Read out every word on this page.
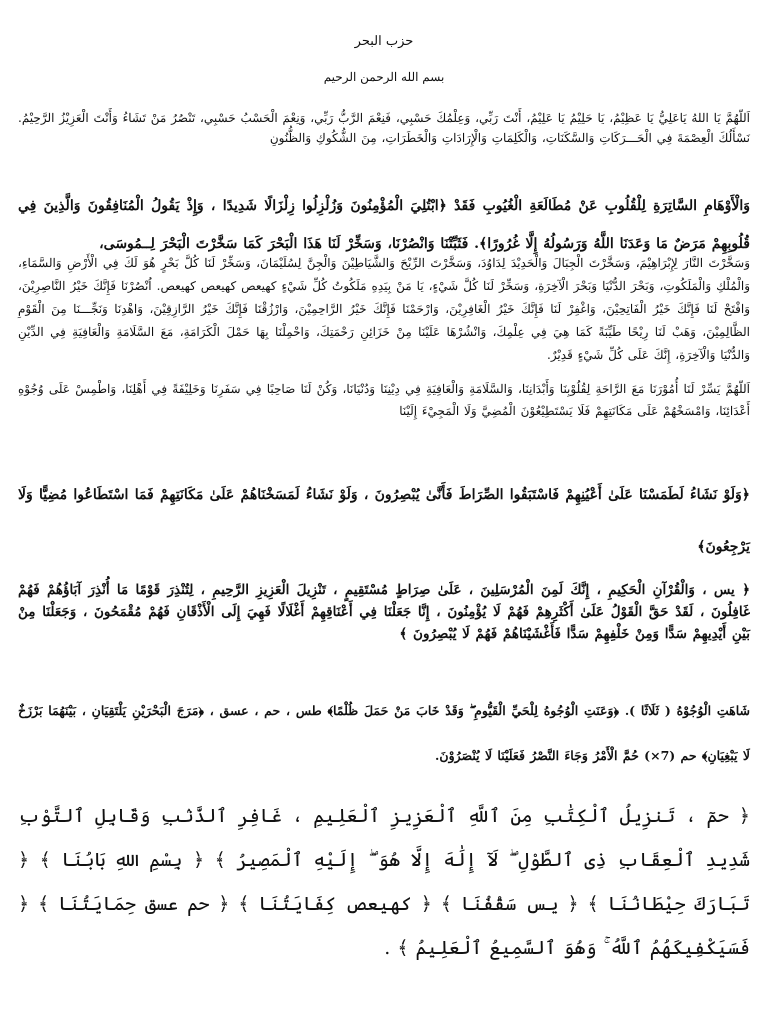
حزب البحر
بسم الله الرحمن الرحيم

اَللّهُمَّ يَا اللهُ يَاعَلِيُّ يَا عَظِيْمُ، يَا حَلِيْمُ يَا عَلِيْمُ، أَنْتَ رَبِّي، وَعِلْمُكَ حَسْبِي، فَنِعْمَ الرَّبُّ رَبِّي، وَنِعْمَ الْحَسْبُ حَسْبِي، تَنْصُرُ مَنْ تَشَاءُ وَأَنْتَ الْعَزِيْزُ الرَّحِيْمُ. نَسْأَلُكَ الْعِصْمَةَ فِي الْحَـــرَكَاتِ وَالسَّكَنَاتِ، وَالْكَلِمَاتِ وَالْإِرَادَاتِ وَالْخَطَرَاتِ، مِنَ الشُّكُوكِ وَالظُّنُونِ

وَالْأَوْهَامِ السَّاتِرَةِ لِلْقُلُوبِ عَنْ مُطَالَعَةِ الْغُيُوبِ فَقَدْ ﴿ابْتُلِيَ الْمُؤْمِنُونَ وَزُلْزِلُوا زِلْزَالًا شَدِيدًا ، وَإِذْ يَقُولُ الْمُنَافِقُونَ وَالَّذِينَ فِي قُلُوبِهِمْ مَرَضٌ مَا وَعَدَنَا اللَّهُ وَرَسُولُهُ إِلَّا غُرُورًا﴾. فَثَبِّتْنَا وَانْصُرْنَا، وَسَخِّرْ لَنَا هَذَا الْبَحْرَ كَمَا سَخَّرْتَ الْبَحْرَ لِــمُوسَى،

وَسَخَّرْتَ النَّارَ لِإِبْرَاهِيْمَ، وَسَخَّرْتَ الْجِبَالَ وَالْحَدِيْدَ لِدَاوُدَ، وَسَخَّرْتَ الرِّيْحَ وَالشَّيَاطِيْنَ وَالْجِنَّ لِسُلَيْمَانَ، وَسَخِّرْ لَنَا كُلَّ بَحْرٍ هُوَ لَكَ فِي الْأَرْضِ وَالسَّمَاءِ، وَالْمُلْكِ وَالْمَلَكُوتِ، وَبَحْرَ الدُّنْيَا وَبَحْرَ الْآخِرَةِ، وَسَخِّرْ لَنَا كُلَّ شَيْءٍ، يَا مَنْ بِيَدِهِ مَلَكُوتُ كُلِّ شَيْءٍ كهيعص كهيعص كهيعص. اُنْصُرْنَا فَإِنَّكَ خَيْرُ النَّاصِرِيْنَ، وَافْتَحْ لَنَا فَإِنَّكَ خَيْرُ الْفَاتِحِيْنَ، وَاغْفِرْ لَنَا فَإِنَّكَ خَيْرُ الْغَافِرِيْنَ، وَارْحَمْنَا فَإِنَّكَ خَيْرُ الرَّاحِمِيْنَ، وَارْزُقْنَا فَإِنَّكَ خَيْرُ الرَّازِقِيْنَ، وَاهْدِنَا وَنَجِّـــنَا مِنَ الْقَوْمِ الظَّالِمِيْنَ، وَهَبْ لَنَا رِيْحًا طَيِّبَةً كَمَا هِيَ فِي عِلْمِكَ، وَانْشُرْهَا عَلَيْنَا مِنْ خَزَائِنِ رَحْمَتِكَ، وَاحْمِلْنَا بِهَا حَمْلَ الْكَرَامَةِ، مَعَ السَّلَامَةِ وَالْعَافِيَةِ فِي الدِّيْنِ وَالدُّنْيَا وَالْآخِرَةِ، إِنَّكَ عَلَى كُلِّ شَيْءٍ قَدِيْرٌ.

اَللّهُمَّ يَسِّرْ لَنَا أُمُوْرَنَا مَعَ الرَّاحَةِ لِقُلُوْبِنَا وَأَبْدَانِنَا، وَالسَّلَامَةِ وَالْعَافِيَةِ فِي دِيْنِنَا وَدُنْيَانَا، وَكُنْ لَنَا صَاحِبًا فِي سَفَرِنَا وَخَلِيْفَةً فِي أَهْلِنَا، وَاطْمِسْ عَلَى وُجُوْهِ أَعْدَائِنَا، وَامْسَخْهُمْ عَلَى مَكَانَتِهِمْ فَلَا يَسْتَطِيْعُوْنَ الْمُضِيَّ وَلَا الْمَجِيْءَ إِلَيْنَا

﴿وَلَوْ نَشَاءُ لَطَمَسْنَا عَلَىٰ أَعْيُنِهِمْ فَاسْتَبَقُوا الصِّرَاطَ فَأَنَّىٰ يُبْصِرُونَ ، وَلَوْ نَشَاءُ لَمَسَخْنَاهُمْ عَلَىٰ مَكَانَتِهِمْ فَمَا اسْتَطَاعُوا مُضِيًّا وَلَا يَرْجِعُونَ﴾

﴿ يس ، وَالْقُرْآنِ الْحَكِيمِ ، إِنَّكَ لَمِنَ الْمُرْسَلِينَ ، عَلَىٰ صِرَاطٍ مُسْتَقِيمٍ ، تَنْزِيلَ الْعَزِيزِ الرَّحِيمِ ، لِتُنْذِرَ قَوْمًا مَا أُنْذِرَ آبَاؤُهُمْ فَهُمْ غَافِلُونَ ، لَقَدْ حَقَّ الْقَوْلُ عَلَىٰ أَكْثَرِهِمْ فَهُمْ لَا يُؤْمِنُونَ ، إِنَّا جَعَلْنَا فِي أَعْنَاقِهِمْ أَغْلَالًا فَهِيَ إِلَى الْأَذْقَانِ فَهُمْ مُقْمَحُونَ ، وَجَعَلْنَا مِنْ بَيْنِ أَيْدِيهِمْ سَدًّا وَمِنْ خَلْفِهِمْ سَدًّا فَأَغْشَيْنَاهُمْ فَهُمْ لَا يُبْصِرُونَ ﴾

شَاهَتِ الْوُجُوْهُ ( ثَلَاثًا ). ﴿وَعَنَتِ الْوُجُوهُ لِلْحَيِّ الْقَيُّومِ ۖ وَقَدْ خَابَ مَنْ حَمَلَ ظُلْمًا﴾ طس ، حم ، عسق ، ﴿مَرَجَ الْبَحْرَيْنِ يَلْتَقِيَانِ ، بَيْنَهُمَا بَرْزَخٌ لَا يَبْغِيَانِ﴾ حم (7×) حُمَّ الْأَمْرُ وَجَاءَ النَّصْرُ فَعَلَيْنَا لَا يُنْصَرُوْنَ.

﴿ حمٓ ، تَنزِيلُ ٱلْكِتَٰبِ مِنَ ٱللَّهِ ٱلْعَزِيزِ ٱلْعَلِيمِ ، غَافِرِ ٱلذَّنۢبِ وَقَابِلِ ٱلتَّوْبِ شَدِيدِ ٱلْعِقَابِ ذِى ٱلطَّوْلِ ۖ لَآ إِلَٰهَ إِلَّا هُوَ ۖ إِلَيْهِ ٱلْمَصِيرُ ﴾ ﴿ بِسْمِ اللهِ بَابُنَا ﴾ ﴿ تَبَارَكَ حِيْطَانُنَا ﴾ ﴿ يس سَقْفُنَا ﴾ ﴿ كهيعص كِفَايَتُنَا ﴾ ﴿ حم عسق حِمَايَتُنَا ﴾ ﴿ فَسَيَكْفِيكَهُمُ ٱللَّهُ ۚ وَهُوَ ٱلسَّمِيعُ ٱلْعَلِيمُ ﴾ .
